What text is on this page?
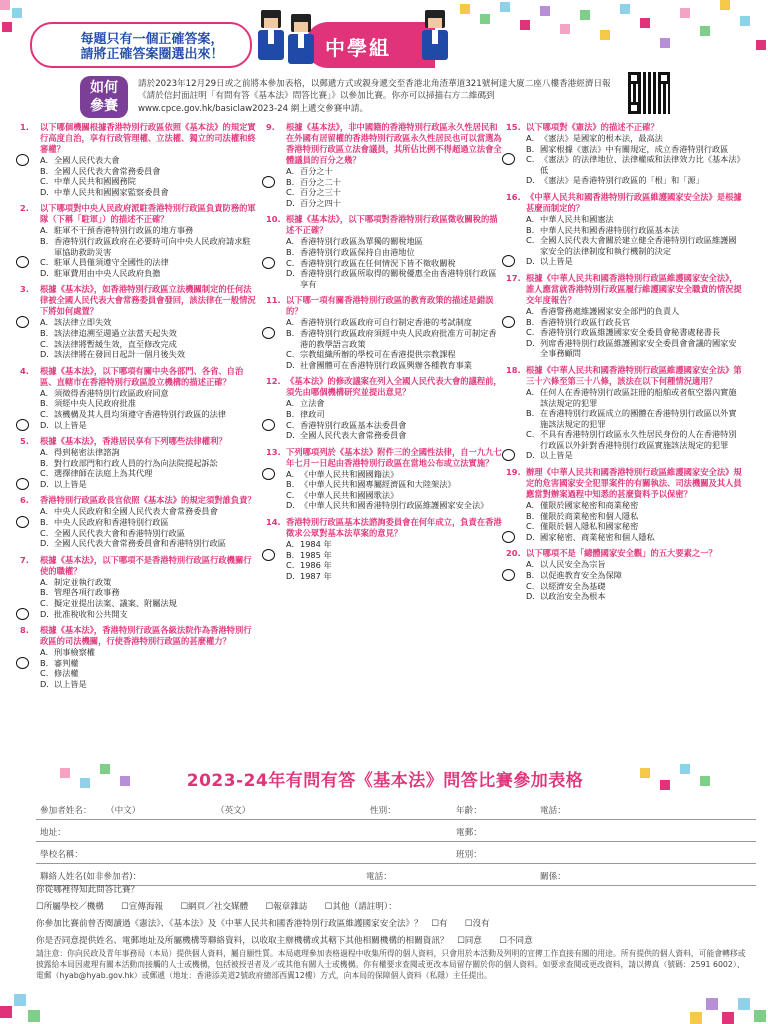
每題只有一個正確答案，
請將正確答案圈選出來！	中學組
如何
參賽
請於2023年12月29日或之前將本參加表格，以郵遞方式或親身遞交至香港北角渣華道321號柯達大廈二座八樓香港經濟日報《請於信封面註明「有問有答《基本法》問答比賽」》以參加比賽。你亦可以掃描右方二維碼到 www.cpce.gov.hk/basiclaw2023-24 網上遞交參賽申請。
1.	以下哪個機關根據香港特別行政區依照《基本法》的規定實行高度自治，享有行政管理權、立法權、獨立的司法權和終審權？
A. 全國人民代表大會
B. 全國人民代表大會常務委員會
C. 中華人民共和國國務院
D. 中華人民共和國國家監察委員會
2.	以下哪項對中央人民政府派駐香港特別行政區負責防務的軍隊（下稱「駐軍」）的描述不正確？
A. 駐軍不干預香港特別行政區的地方事務
B. 香港特別行政區政府在必要時可向中央人民政府請求駐軍協助救助災害
C. 駐軍人員僅須遵守全國性的法律
D. 駐軍費用由中央人民政府負擔
3.	根據《基本法》，如香港特別行政區立法機關制定的任何法律被全國人民代表大會常務委員會發回，該法律在一般情況下將如何處置？
A. 該法律立即失效
B. 該法律追溯至週過立法當天起失效
C. 該法律將暫緩生效，直至修改完成
D. 該法律將在發回日起計一個月後失效
4.	根據《基本法》，以下哪項有關中央各部門、各省、自治區、直轄市在香港特別行政區設立機構的描述正確？
A. 須徵得香港特別行政區政府同意
B. 須經中央人民政府批准
C. 該機構及其人員均須遵守香港特別行政區的法律
D. 以上皆是
5.	根據《基本法》，香港居民享有下列哪些法律權利？
A. 得到秘密法律諮詢
B. 對行政部門和行政人員的行為向法院提起訴訟
C. 選擇律師在法庭上為其代理
D. 以上皆是
6.	香港特別行政區政長官依照《基本法》的規定須對誰負責？
A. 中央人民政府和全國人民代表大會常務委員會
B. 中央人民政府和香港特別行政區
C. 全國人民代表大會和香港特別行政區
D. 全國人民代表大會常務委員會和香港特別行政區
7.	根據《基本法》，以下哪項不是香港特別行政區行政機關行使的職權？
A. 制定並執行政策
B. 管理各項行政事務
C. 擬定並提出法案、議案、附屬法規
D. 批准稅收和公共開支
8.	根據《基本法》，香港特別行政區各級法院作為香港特別行政區的司法機關，行使香港特別行政區的甚麼權力？
A. 刑事檢察權
B. 審判權
C. 修法權
D. 以上皆是
9.	根據《基本法》，非中國籍的香港特別行政區永久性居民和在外國有居留權的香港特別行政區永久性居民也可以當選為香港特別行政區立法會議員，其所佔比例不得超過立法會全體議員的百分之幾？
A. 百分之十
B. 百分之二十
C. 百分之三十
D. 百分之四十
10. 根據《基本法》，以下哪項對香港特別行政區徵收關稅的描述不正確？
A. 香港特別行政區為單獨的關稅地區
B. 香港特別行政區保持自由港地位
C. 香港特別行政區在任何情況下皆不徵收關稅
D. 香港特別行政區所取得的關稅優惠全由香港特別行政區享有
11. 以下哪一項有關香港特別行政區的教育政策的描述是錯誤的？
A. 香港特別行政區政府可自行制定香港的考試制度
B. 香港特別行政區政府須經中央人民政府批准方可制定香港的教學語言政策
C. 宗教組織所辦的學校可在香港提供宗教課程
D. 社會團體可在香港特別行政區興辦各種教育事業
12. 《基本法》的修改議案在列入全國人民代表大會的議程前，須先由哪個機構研究並提出意見？
A. 立法會
B. 律政司
C. 香港特別行政區基本法委員會
D. 全國人民代表大會常務委員會
13. 下列哪項列於《基本法》附件三的全國性法律，自一九九七年七月一日起由香港特別行政區在當地公布或立法實施？
A. 《中華人民共和國國籍法》
B. 《中華人民共和國專屬經濟區和大陸架法》
C. 《中華人民共和國國歌法》
D. 《中華人民共和國香港特別行政區維護國家安全法》
14. 香港特別行政區基本法諮詢委員會在何年成立，負責在香港徵求公眾對基本法草案的意見？
A. 1984 年
B. 1985 年
C. 1986 年
D. 1987 年
15. 以下哪項對《憲法》的描述不正確？
A. 《憲法》是國家的根本法，最高法
B. 國家根據《憲法》中有關規定，成立香港特別行政區
C. 《憲法》的法律地位、法律權威和法律效力比《基本法》低
D. 《憲法》是香港特別行政區的「根」和「源」
16. 《中華人民共和國香港特別行政區維護國家安全法》是根據甚麼而制定的？
A. 中華人民共和國憲法
B. 中華人民共和國香港特別行政區基本法
C. 全國人民代表大會關於建立健全香港特別行政區維護國家安全的法律制度和執行機制的決定
D. 以上皆是
17. 根據《中華人民共和國香港特別行政區維護國家安全法》，誰人應當就香港特別行政區履行維護國家安全職責的情況提交年度報告？
A. 香港警務處維護國家安全部門的負責人
B. 香港特別行政區行政長官
C. 香港特別行政區維護國家安全委員會秘書處秘書長
D. 列席香港特別行政區維護國家安全委員會會議的國家安全事務顧問
18. 根據《中華人民共和國香港特別行政區維護國家安全法》第三十六條至第三十八條，該法在以下何種情況適用？
A. 任何人在香港特別行政區註冊的船舶或者航空器內實施該法規定的犯罪
B. 在香港特別行政區成立的團體在香港特別行政區以外實施該法規定的犯罪
C. 不具有香港特別行政區永久性居民身份的人在香港特別行政區以外針對香港特別行政區實施該法規定的犯罪
D. 以上皆是
19. 辦理《中華人民共和國香港特別行政區維護國家安全法》規定的危害國家安全犯罪案件的有關執法、司法機關及其人員應當對辦案過程中知悉的甚麼資料予以保密？
A. 僅限於國家秘密和商業秘密
B. 僅限於商業秘密和個人隱私
C. 僅限於個人隱私和國家秘密
D. 國家秘密、商業秘密和個人隱私
20. 以下哪項不是「總體國家安全觀」的五大要素之一？
A. 以人民安全為宗旨
B. 以促進教育安全為保障
C. 以經濟安全為基礎
D. 以政治安全為根本
2023-24年有問有答《基本法》問答比賽參加表格
參加者姓名： （中文）	（英文）	性別：	年齡：	電話：
地址：	電郵：
學校名稱：	班別：
聯絡人姓名(如非參加者)：	電話：	關係：
你從哪裡得知此問答比賽？
☐所屬學校／機構　　☐宣傳海報　　☐網頁／社交媒體　　☐報章雜誌　　☐其他（請註明）：
你參加比賽前曾否閱讀過《憲法》、《基本法》及《中華人民共和國香港特別行政區維護國家安全法》？　☐有　　☐沒有
你是否同意提供姓名、電郵地址及所屬機構等聯絡資料，以收取主辦機構或其轄下其他相關機構的相關資訊？　☐同意　　☐不同意
請注意：你向民政及青年事務局（本局）提供個人資料，屬自願性質。本局處理參加表格過程中收集所得的個人資料，只會用於本活動及列明的宣傳工作直接有關的用途。所有提供的個人資料，可能會轉移或披露給本局因處理有關本活動而接觸的人士或機構，包括被授권者及／或其他有關人士或機構。你有權要求查閱或更改本局留存關於你的個人資料。如要求查閱或更改資料，請以傳真（號碼：2591 6002）、電郵（hyab@hyab.gov.hk）或郵遞（地址：香港添美道2號政府總部西翼12樓）方式，向本局的保障個人資料（私隱）主任提出。
